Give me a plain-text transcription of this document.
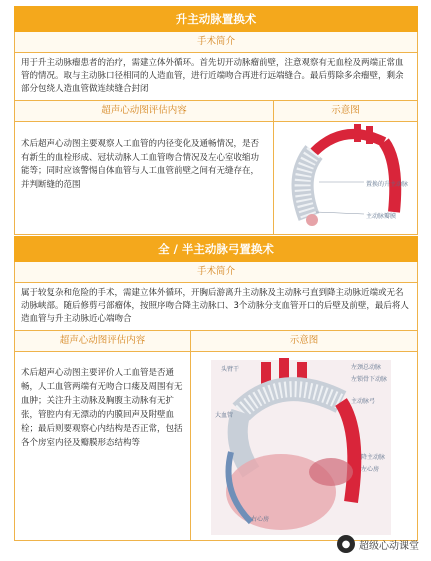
升主动脉置换术
手术简介
用于升主动脉瘤患者的治疗，需建立体外循环。首先切开动脉瘤前壁，注意观察有无血栓及两端正常血管的情况。取与主动脉口径相同的人造血管，进行近端吻合再进行远端缝合。最后剪除多余瘤壁，剩余部分包绕人造血管做连续缝合封闭
超声心动图评估内容
术后超声心动图主要观察人工血管的内径变化及通畅情况，是否有新生的血栓形成、冠状动脉人工血管吻合情况及左心室收缩功能等；同时应该警惕自体血管与人工血管前壁之间有无缝存在，并判断缝的范围
示意图
置换的升主动脉
主动脉瓣膜
全 / 半主动脉弓置换术
手术简介
属于较复杂和危险的手术，需建立体外循环，开胸后游离升主动脉及主动脉弓直到降主动脉近端或无名动脉峡部。随后修剪弓部瘤体，按照序吻合降主动脉口、3个动脉分支血管开口的后壁及前壁，最后将人造血管与升主动脉近心端吻合
超声心动图评估内容
术后超声心动图主要评价人工血管是否通畅，人工血管两端有无吻合口瘘及周围有无血肿；关注升主动脉及胸腹主动脉有无扩张，管腔内有无漂动的内膜回声及附壁血栓；最后则要观察心内结构是否正常，包括各个房室内径及瓣膜形态结构等
示意图
头臂干	左颈总动脉
左锁骨下动脉
主动脉弓
大血管
降主动脉
左心房
右心房
● 超级心动课堂
